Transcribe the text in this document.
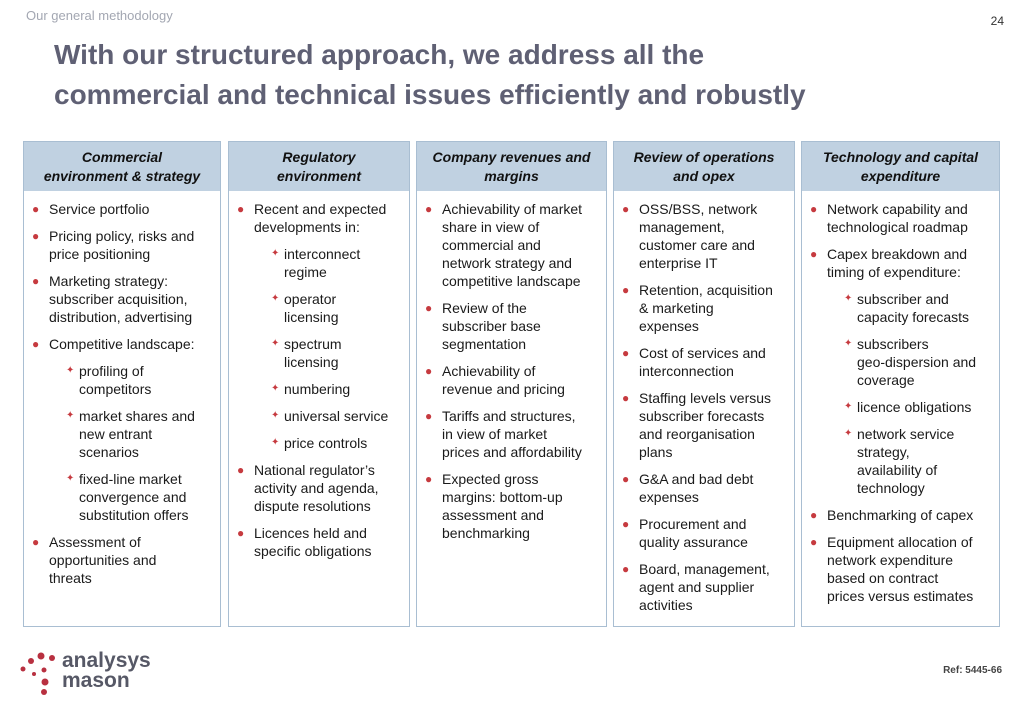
Our general methodology	24
With our structured approach, we address all the
commercial and technical issues efficiently and robustly
Commercial
environment & strategy
● Service portfolio
● Pricing policy, risks and
price positioning
● Marketing strategy:
subscriber acquisition,
distribution, advertising
● Competitive landscape:
✦ profiling of
competitors
✦ market shares and
new entrant
scenarios
✦ fixed-line market
convergence and
substitution offers
● Assessment of
opportunities and
threats
Regulatory
environment
● Recent and expected
developments in:
✦ interconnect
regime
✦ operator
licensing
✦ spectrum
licensing
✦ numbering
✦ universal service
✦ price controls
● National regulator’s
activity and agenda,
dispute resolutions
● Licences held and
specific obligations
Company revenues and
margins
● Achievability of market
share in view of
commercial and
network strategy and
competitive landscape
● Review of the
subscriber base
segmentation
● Achievability of
revenue and pricing
● Tariffs and structures,
in view of market
prices and affordability
● Expected gross
margins: bottom-up
assessment and
benchmarking
Review of operations
and opex
● OSS/BSS, network
management,
customer care and
enterprise IT
● Retention, acquisition
& marketing
expenses
● Cost of services and
interconnection
● Staffing levels versus
subscriber forecasts
and reorganisation
plans
● G&A and bad debt
expenses
● Procurement and
quality assurance
● Board, management,
agent and supplier
activities
Technology and capital
expenditure
● Network capability and
technological roadmap
● Capex breakdown and
timing of expenditure:
✦ subscriber and
capacity forecasts
✦ subscribers
geo-dispersion and
coverage
✦ licence obligations
✦ network service
strategy,
availability of
technology
● Benchmarking of capex
● Equipment allocation of
network expenditure
based on contract
prices versus estimates
analysys
mason	Ref: 5445-66
